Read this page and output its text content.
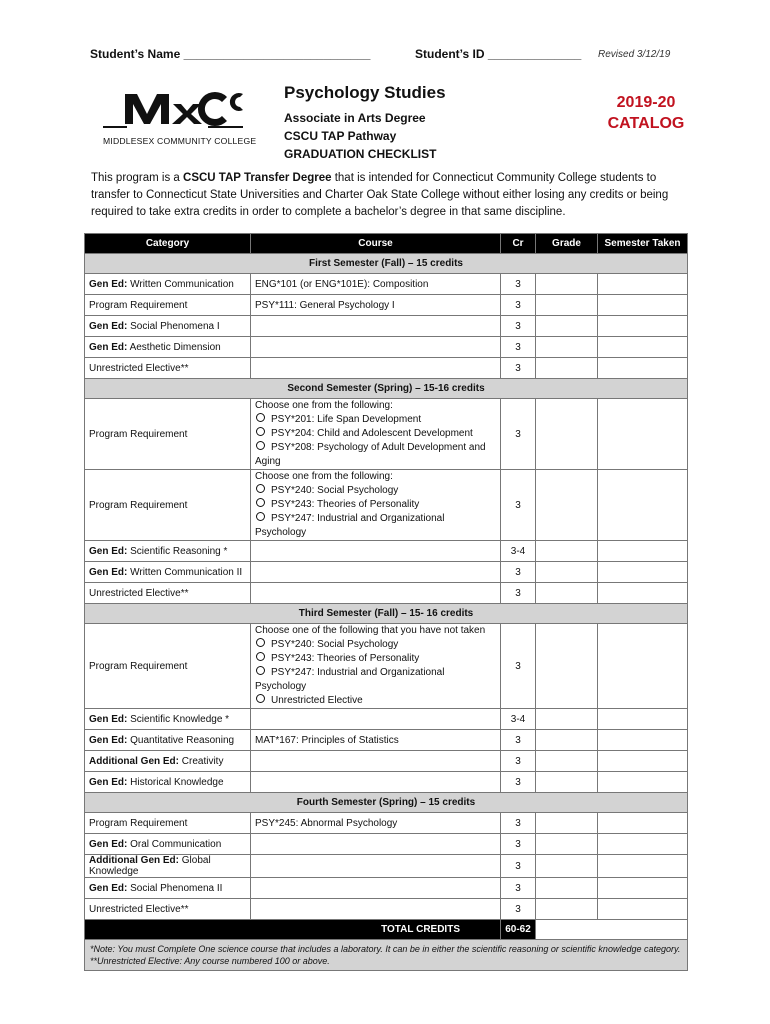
Student’s Name ____________________________	Student’s ID ______________ Revised 3/12/19
MIDDLESEX COMMUNITY COLLEGE
Psychology Studies
Associate in Arts Degree
CSCU TAP Pathway
GRADUATION CHECKLIST
2019-20
CATALOG
This program is a CSCU TAP Transfer Degree that is intended for Connecticut Community College students to transfer to Connecticut State Universities and Charter Oak State College without either losing any credits or being required to take extra credits in order to complete a bachelor’s degree in that same discipline.
Category	Course	Cr	Grade	Semester Taken
First Semester (Fall) – 15 credits				
Gen Ed: Written Communication	ENG*101 (or ENG*101E): Composition	3		
Program Requirement	PSY*111: General Psychology I	3		
Gen Ed: Social Phenomena I		3		
Gen Ed: Aesthetic Dimension		3		
Unrestricted Elective**		3		
Second Semester (Spring) – 15-16 credits				
Program Requirement	Choose one from the following:
PSY*201: Life Span Development
PSY*204: Child and Adolescent Development
PSY*208: Psychology of Adult Development and
Aging	3		
Program Requirement	Choose one from the following:
PSY*240: Social Psychology
PSY*243: Theories of Personality
PSY*247: Industrial and Organizational Psychology	3		
Gen Ed: Scientific Reasoning *		3-4		
Gen Ed: Written Communication II		3		
Unrestricted Elective**		3		
Third Semester (Fall) – 15- 16 credits				
Program Requirement	Choose one of the following that you have not taken
PSY*240: Social Psychology
PSY*243: Theories of Personality
PSY*247: Industrial and Organizational Psychology
Unrestricted Elective	3		
Gen Ed: Scientific Knowledge *		3-4		
Gen Ed: Quantitative Reasoning	MAT*167: Principles of Statistics	3		
Additional Gen Ed: Creativity		3		
Gen Ed: Historical Knowledge		3		
Fourth Semester (Spring) – 15 credits				
Program Requirement	PSY*245: Abnormal Psychology	3		
Gen Ed: Oral Communication		3		
Additional Gen Ed: Global Knowledge		3		
Gen Ed: Social Phenomena II		3		
Unrestricted Elective**		3		
TOTAL CREDITS		60-62		

*Note: You must Complete One science course that includes a laboratory. It can be in either the scientific reasoning or scientific knowledge category.
**Unrestricted Elective: Any course numbered 100 or above.				
